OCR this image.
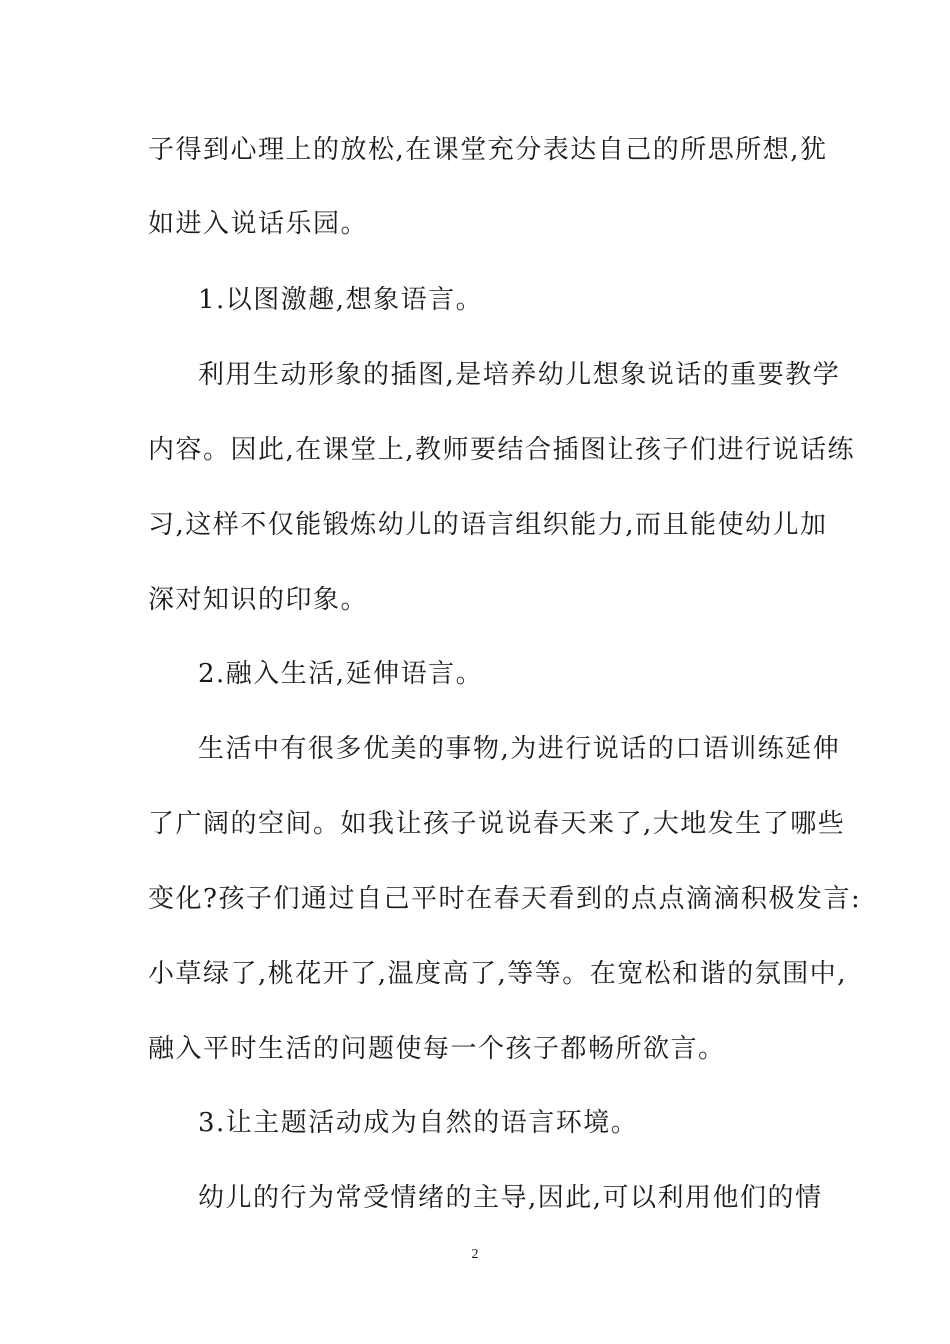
子得到心理上的放松,在课堂充分表达自己的所思所想,犹
如进入说话乐园。
1.以图激趣,想象语言。
利用生动形象的插图,是培养幼儿想象说话的重要教学
内容。因此,在课堂上,教师要结合插图让孩子们进行说话练
习,这样不仅能锻炼幼儿的语言组织能力,而且能使幼儿加
深对知识的印象。
2.融入生活,延伸语言。
生活中有很多优美的事物,为进行说话的口语训练延伸
了广阔的空间。如我让孩子说说春天来了,大地发生了哪些
变化?孩子们通过自己平时在春天看到的点点滴滴积极发言:
小草绿了,桃花开了,温度高了,等等。在宽松和谐的氛围中,
融入平时生活的问题使每一个孩子都畅所欲言。
3.让主题活动成为自然的语言环境。
幼儿的行为常受情绪的主导,因此,可以利用他们的情
2
